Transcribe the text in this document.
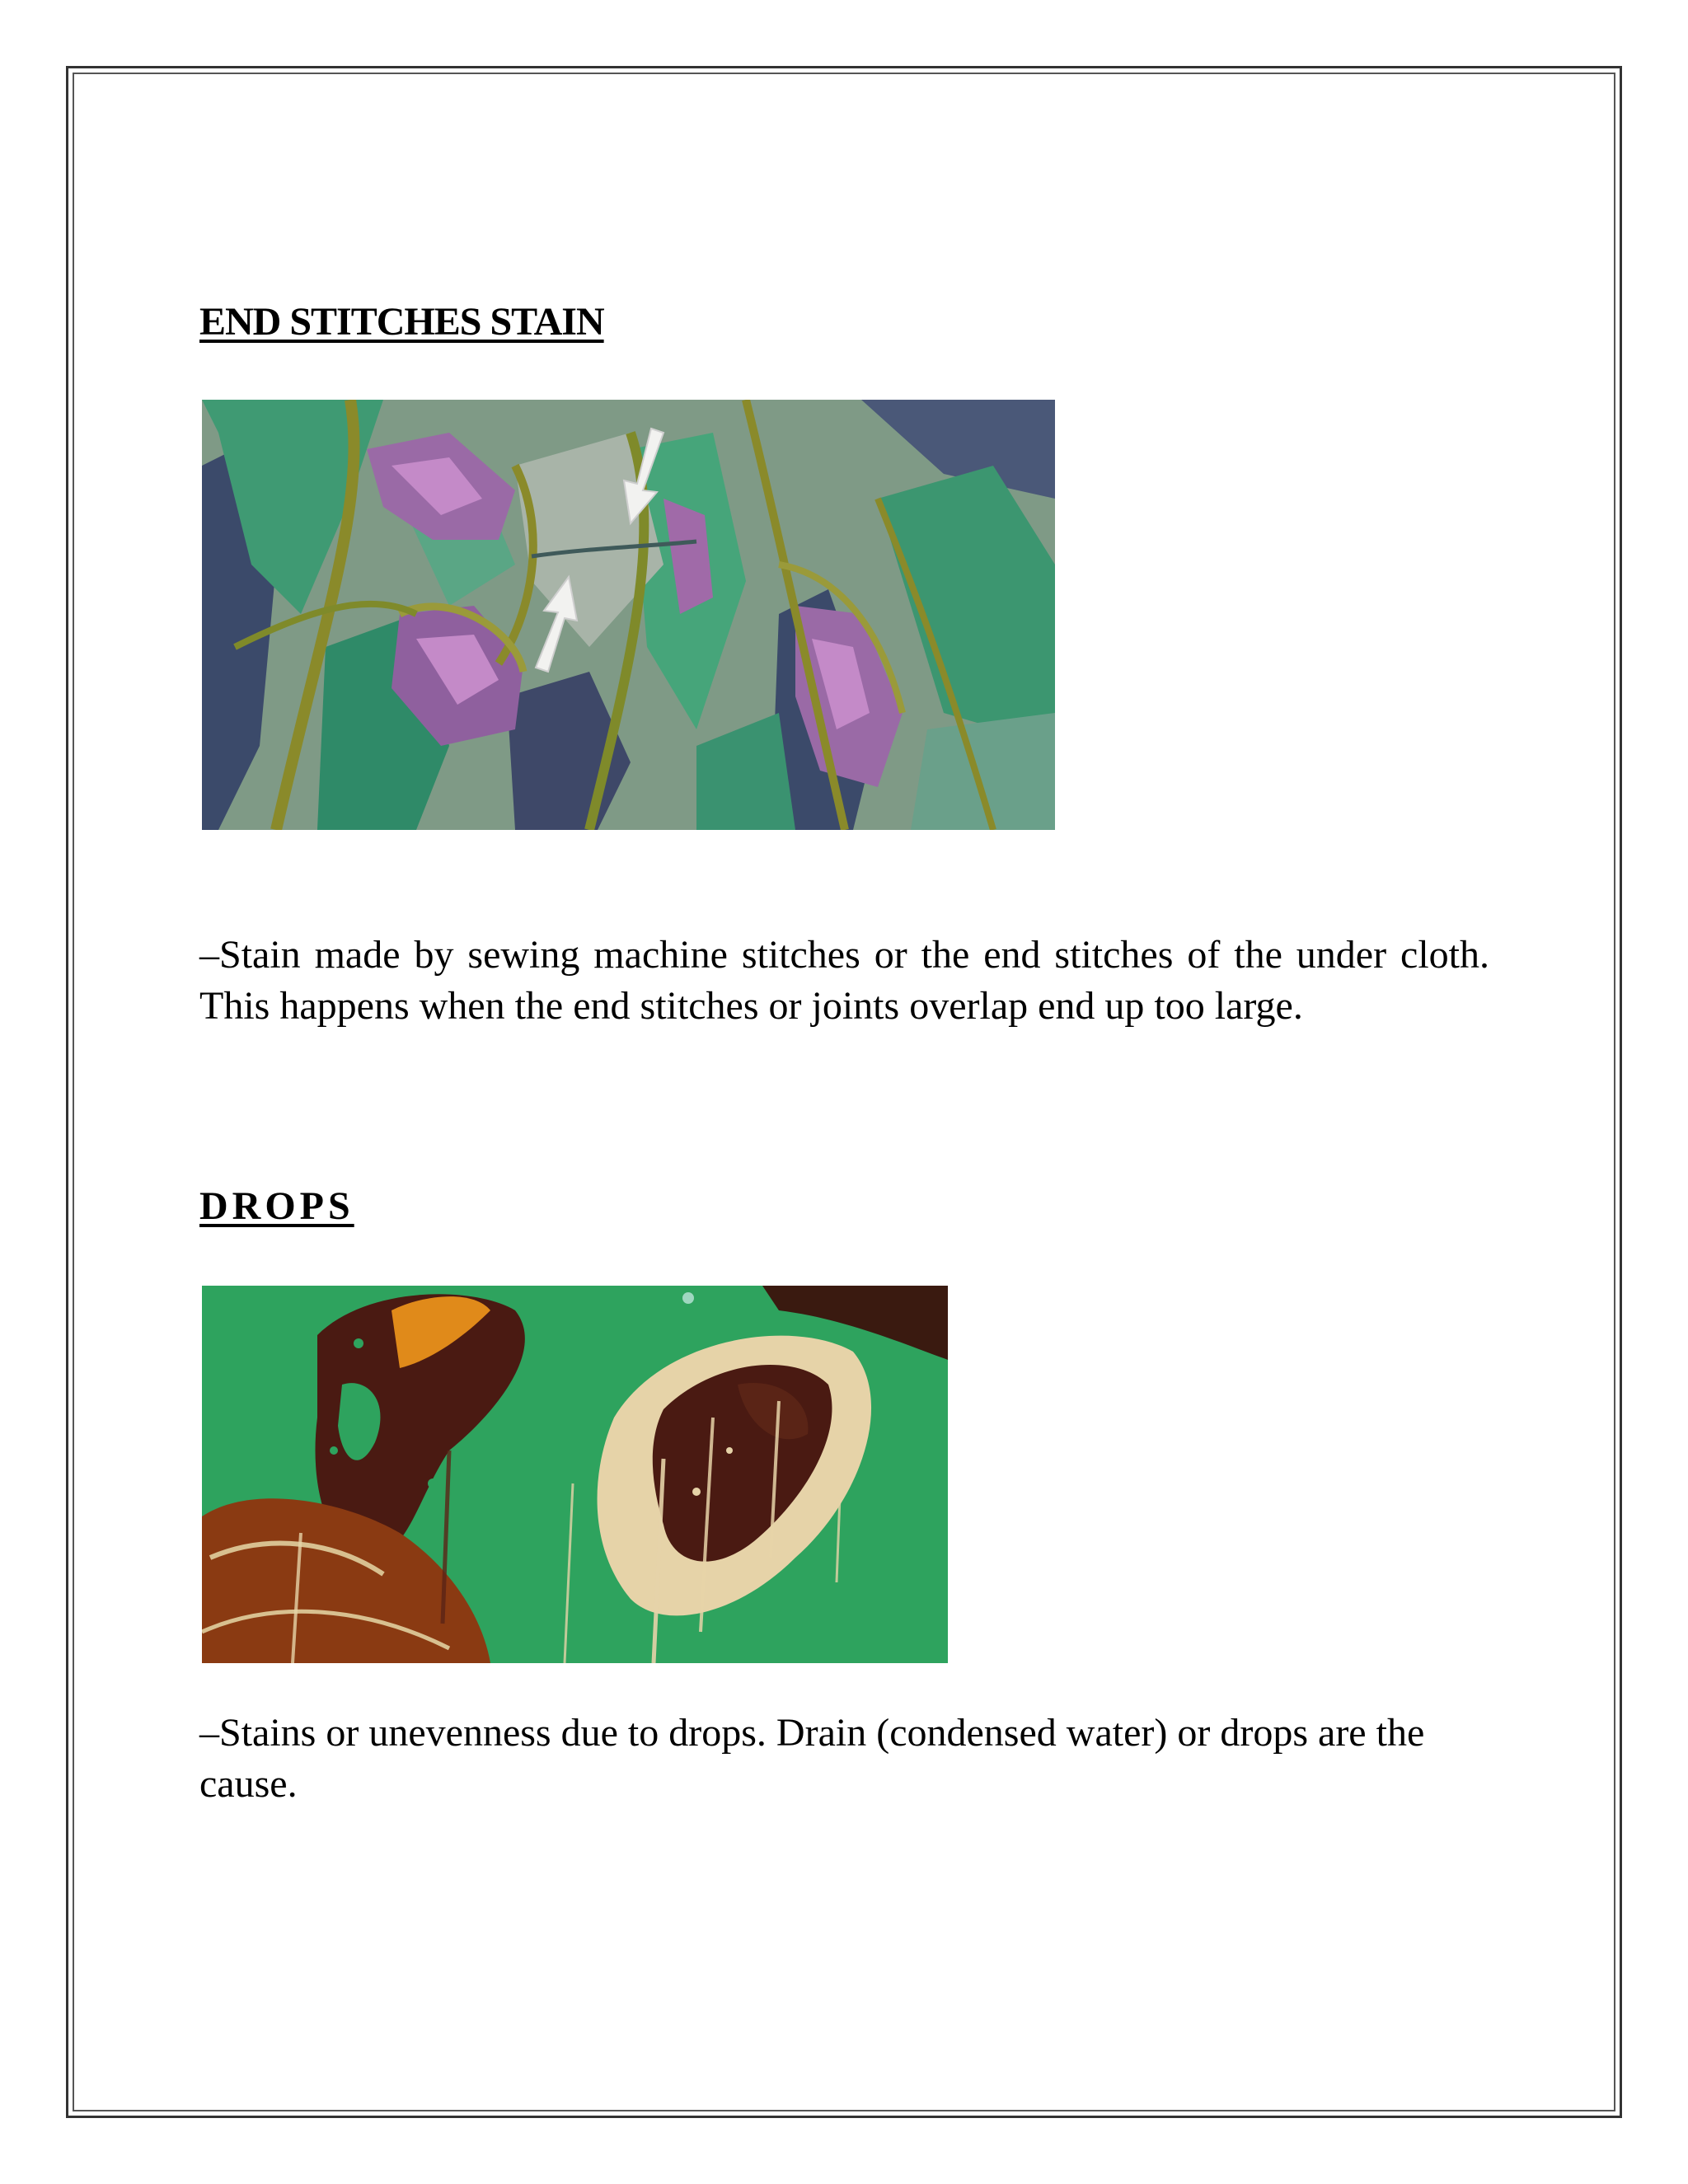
END STITCHES STAIN

–Stain made by sewing machine stitches or the end stitches of the under cloth. This happens when the end stitches or joints overlap end up too large.

DROPS

–Stains or unevenness due to drops. Drain (condensed water) or drops are the cause.
